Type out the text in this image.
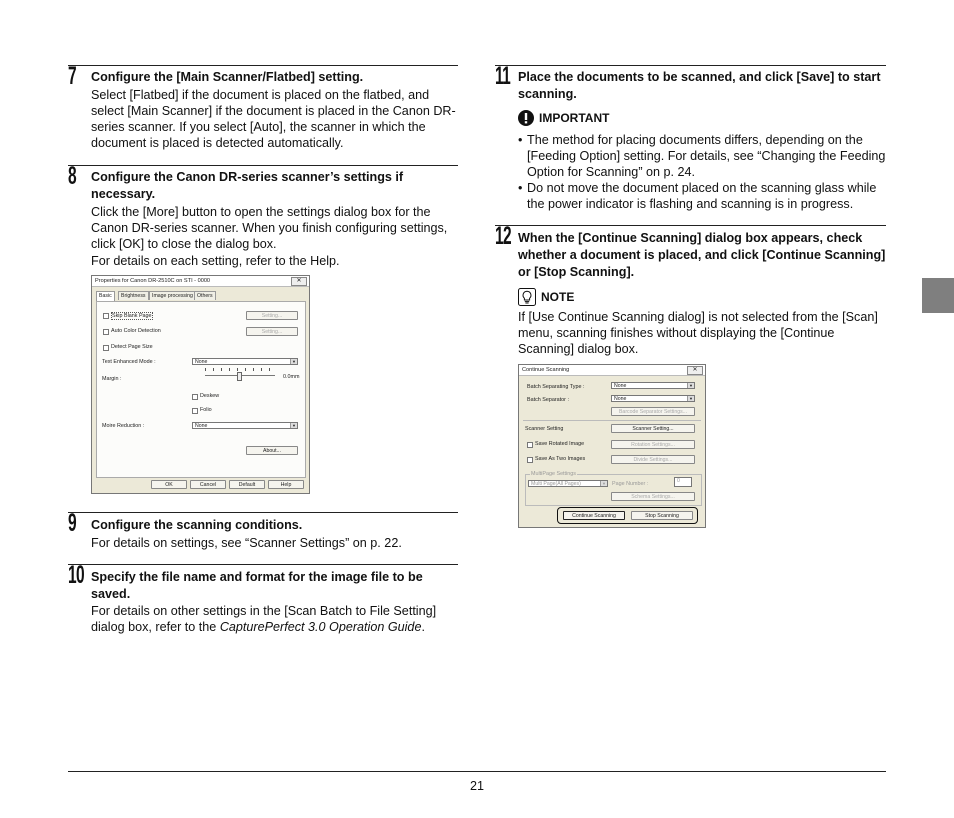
7 Configure the [Main Scanner/Flatbed] setting.

Select [Flatbed] if the document is placed on the flatbed, and select [Main Scanner] if the document is placed in the Canon DR-series scanner. If you select [Auto], the scanner in which the document is placed is detected automatically.

8 Configure the Canon DR-series scanner’s settings if necessary.

Click the [More] button to open the settings dialog box for the Canon DR-series scanner. When you finish configuring settings, click [OK] to close the dialog box.

For details on each setting, refer to the Help.

Properties for Canon DR-2510C on STI - 0000	✕
Basic	Brightness	Image processing Others
Skip Blank Page	Setting...
Auto Color Detection	Setting...
Detect Page Size
Text Enhanced Mode :	None	▼
Margin :	0.0mm
Deskew
Folio
Moire Reduction :	None	▼
About...
OK	Cancel	Default	Help
9 Configure the scanning conditions.

For details on settings, see “Scanner Settings” on p. 22.

10 Specify the file name and format for the image file to be saved.

For details on other settings in the [Scan Batch to File Setting] dialog box, refer to the CapturePerfect 3.0 Operation Guide.

11 Place the documents to be scanned, and click [Save] to start scanning.
IMPORTANT
• The method for placing documents differs, depending on the [Feeding Option] setting. For details, see “Changing the Feeding Option for Scanning” on p. 24.
• Do not move the document placed on the scanning glass while the power indicator is flashing and scanning is in progress.
12 When the [Continue Scanning] dialog box appears, check whether a document is placed, and click [Continue Scanning] or [Stop Scanning].
NOTE

If [Use Continue Scanning dialog] is not selected from the [Scan] menu, scanning finishes without displaying the [Continue Scanning] dialog box.

Continue Scanning	✕
Batch Separating Type :	None	▼
Batch Separator :	None	▼
Barcode Separator Settings...
Scanner Setting	Scanner Setting...
Save Rotated Image	Rotation Settings...
Save As Two Images	Divide Settings...
MultiPage Settings
Multi Page(All Pages)	▼ Page Number :	0
Schema Settings...
Continue Scanning	Stop Scanning
21
